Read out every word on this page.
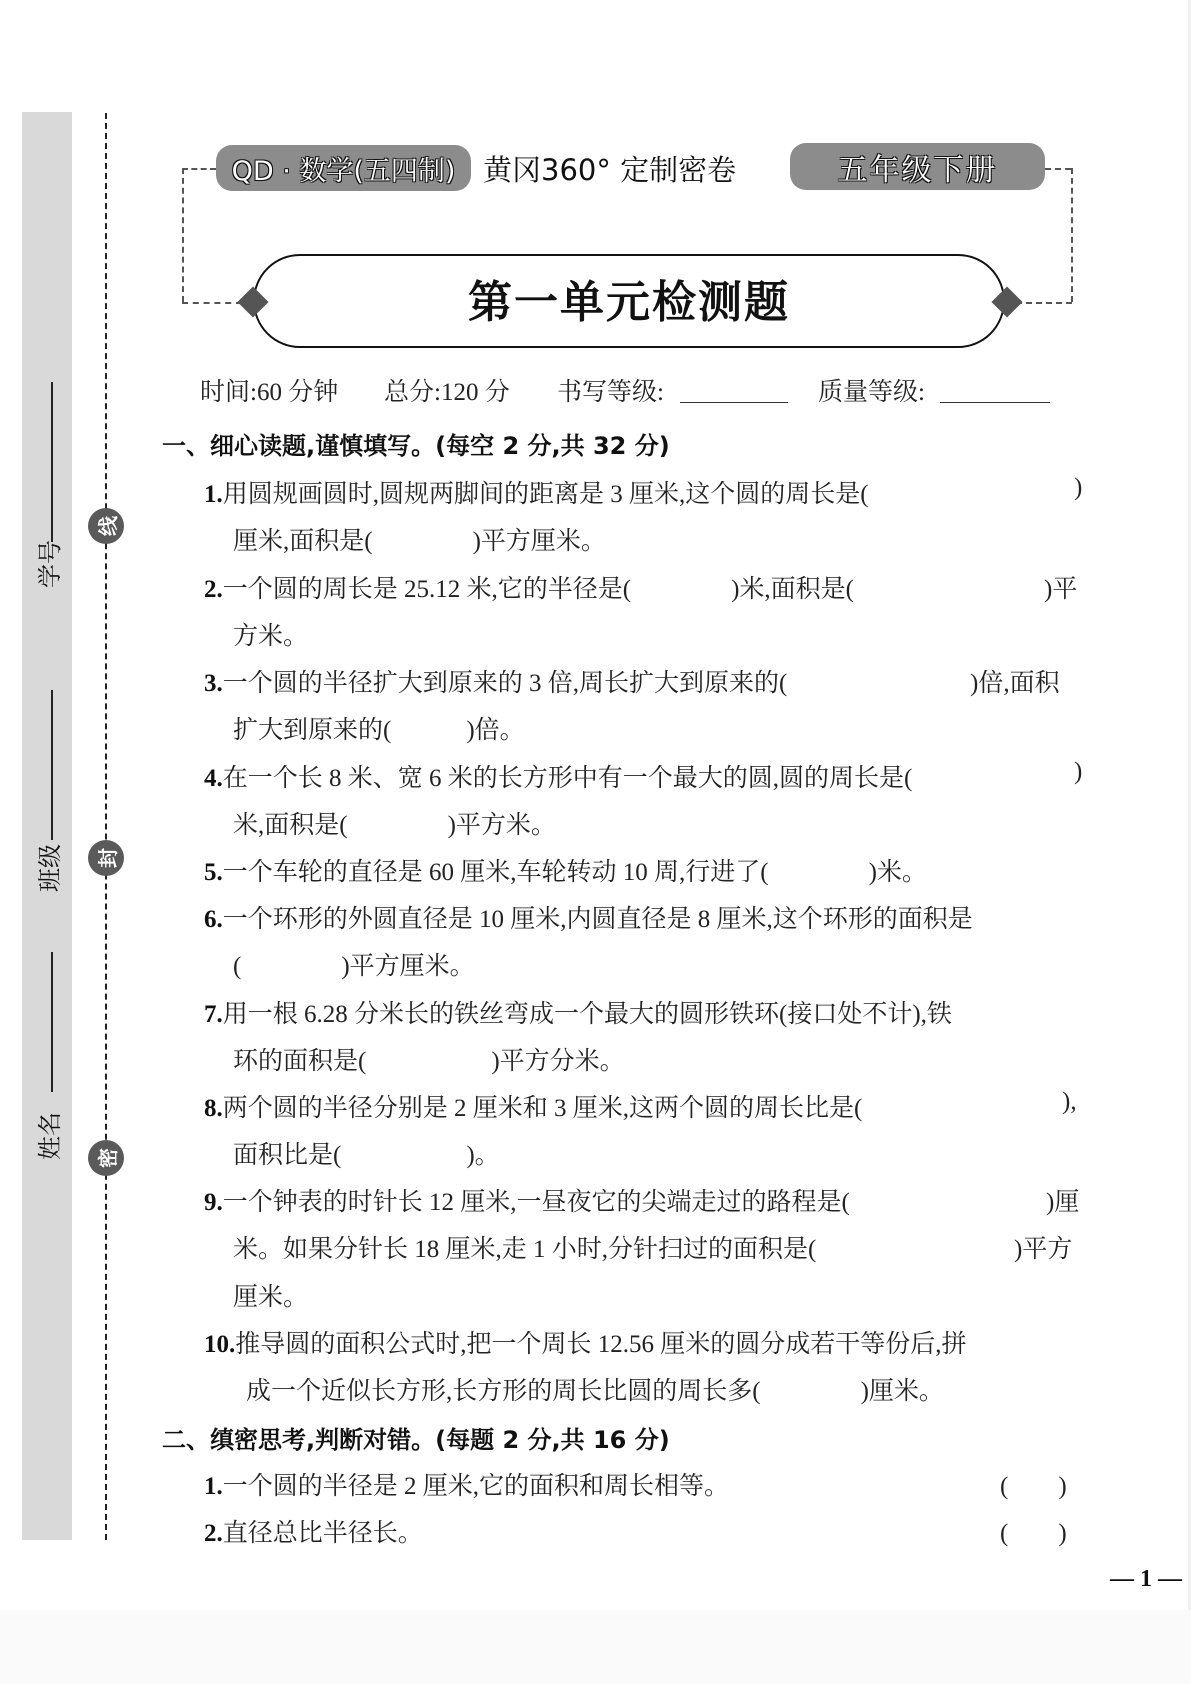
学号
班级
姓名
线
封
密
QD · 数学(五四制) 黄冈360° 定制密卷	五年级下册
第一单元检测题
时间:60 分钟 总分:120 分 书写等级:	质量等级:
一、细心读题,谨慎填写。(每空 2 分,共 32 分)
1.用圆规画圆时,圆规两脚间的距离是 3 厘米,这个圆的周长是(	)
厘米,面积是(　　　　)平方厘米。
2.一个圆的周长是 25.12 米,它的半径是(　　　　)米,面积是(	)平
方米。
3.一个圆的半径扩大到原来的 3 倍,周长扩大到原来的(	)倍,面积
扩大到原来的(　　　)倍。
4.在一个长 8 米、宽 6 米的长方形中有一个最大的圆,圆的周长是(	)
米,面积是(　　　　)平方米。
5.一个车轮的直径是 60 厘米,车轮转动 10 周,行进了(　　　　)米。
6.一个环形的外圆直径是 10 厘米,内圆直径是 8 厘米,这个环形的面积是
(　　　　)平方厘米。
7.用一根 6.28 分米长的铁丝弯成一个最大的圆形铁环(接口处不计),铁
环的面积是(　　　　　)平方分米。
8.两个圆的半径分别是 2 厘米和 3 厘米,这两个圆的周长比是(	),
面积比是(　　　　　)。
9.一个钟表的时针长 12 厘米,一昼夜它的尖端走过的路程是(	)厘
米。如果分针长 18 厘米,走 1 小时,分针扫过的面积是(	)平方
厘米。
10.推导圆的面积公式时,把一个周长 12.56 厘米的圆分成若干等份后,拼
成一个近似长方形,长方形的周长比圆的周长多(　　　　)厘米。
二、缜密思考,判断对错。(每题 2 分,共 16 分)
1.一个圆的半径是 2 厘米,它的面积和周长相等。	(　　)
2.直径总比半径长。	(　　)
— 1 —
